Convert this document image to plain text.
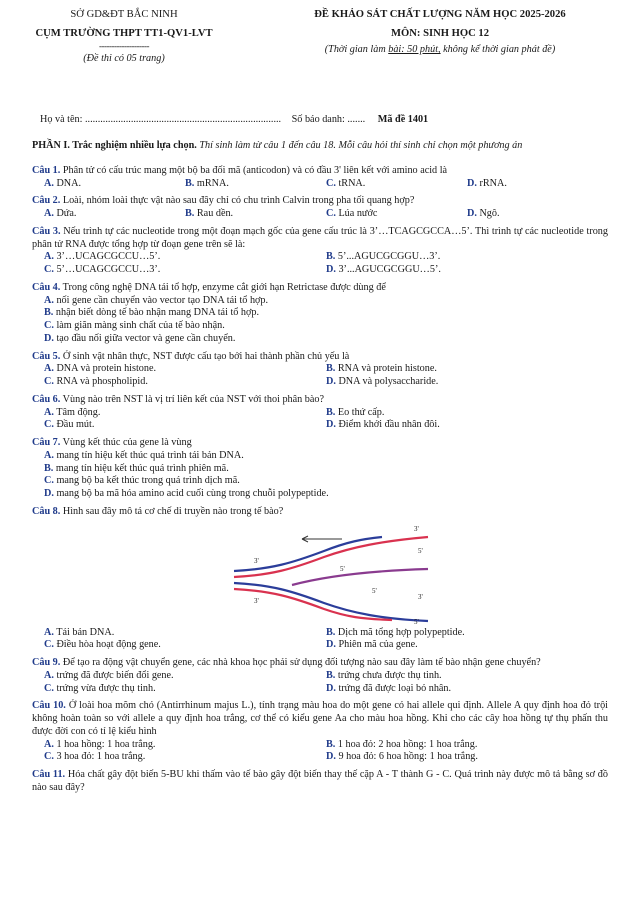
SỞ GD&ĐT BẮC NINH
CỤM TRƯỜNG THPT TT1-QV1-LVT
--------------------
(Đề thi có 05 trang)
ĐỀ KHẢO SÁT CHẤT LƯỢNG NĂM HỌC 2025-2026
MÔN: SINH HỌC 12
(Thời gian làm bài: 50 phút, không kể thời gian phát đề)
Họ và tên: ............................................................................. Số báo danh: ....... Mã đề 1401
PHẦN I. Trắc nghiệm nhiều lựa chọn. Thí sinh làm từ câu 1 đến câu 18. Mỗi câu hỏi thí sinh chỉ chọn một phương án
Câu 1. Phân tử có cấu trúc mang một bộ ba đối mã (anticodon) và có đầu 3' liên kết với amino acid là
A. DNA.	B. mRNA.	C. tRNA.	D. rRNA.
Câu 2. Loài, nhóm loài thực vật nào sau đây chỉ có chu trình Calvin trong pha tối quang hợp?
A. Dứa.	B. Rau dền.	C. Lúa nước	D. Ngô.
Câu 3. Nếu trình tự các nucleotide trong một đoạn mạch gốc của gene cấu trúc là 3’…TCAGCGCCA…5’. Thì trình tự các nucleotide trong phân tử RNA được tổng hợp từ đoạn gene trên sẽ là:
A. 3’…UCAGCGCCU…5’.	B. 5’...AGUCGCGGU…3’.
C. 5’…UCAGCGCCU…3’.	D. 3’...AGUCGCGGU…5’.
Câu 4. Trong công nghệ DNA tái tổ hợp, enzyme cắt giới hạn Retrictase được dùng để
A. nối gene cần chuyển vào vector tạo DNA tái tổ hợp.
B. nhận biết dòng tế bào nhận mang DNA tái tổ hợp.
C. làm giãn màng sinh chất của tế bào nhận.
D. tạo đầu nối giữa vector và gene cần chuyển.
Câu 5. Ở sinh vật nhân thực, NST được cấu tạo bởi hai thành phần chủ yếu là
A. DNA và protein histone.	B. RNA và protein histone.
C. RNA và phospholipid.	D. DNA và polysaccharide.
Câu 6. Vùng nào trên NST là vị trí liên kết của NST với thoi phân bào?
A. Tâm động.	B. Eo thứ cấp.
C. Đầu mút.	D. Điểm khởi đầu nhân đôi.
Câu 7. Vùng kết thúc của gene là vùng
A. mang tín hiệu kết thúc quá trình tái bản DNA.
B. mang tín hiệu kết thúc quá trình phiên mã.
C. mang bộ ba kết thúc trong quá trình dịch mã.
D. mang bộ ba mã hóa amino acid cuối cùng trong chuỗi polypeptide.
Câu 8. Hình sau đây mô tả cơ chế di truyền nào trong tế bào?
3'
5'
3'
5'
3'
5'
3'
5'
A. Tái bản DNA.	B. Dịch mã tổng hợp polypeptide.
C. Điều hòa hoạt động gene.	D. Phiên mã của gene.
Câu 9. Để tạo ra động vật chuyển gene, các nhà khoa học phải sử dụng đối tượng nào sau đây làm tế bào nhận gene chuyển?
A. trứng đã được biến đổi gene.	B. trứng chưa được thụ tinh.
C. trứng vừa được thụ tinh.	D. trứng đã được loại bỏ nhân.
Câu 10. Ở loài hoa mõm chó (Antirrhinum majus L.), tính trạng màu hoa do một gene có hai allele qui định. Allele A quy định hoa đỏ trội không hoàn toàn so với allele a quy định hoa trắng, cơ thể có kiểu gene Aa cho màu hoa hồng. Khi cho các cây hoa hồng tự thụ phấn thu được đời con có tỉ lệ kiểu hình
A. 1 hoa hồng: 1 hoa trắng.	B. 1 hoa đỏ: 2 hoa hồng: 1 hoa trắng.
C. 3 hoa đỏ: 1 hoa trắng.	D. 9 hoa đỏ: 6 hoa hồng: 1 hoa trắng.
Câu 11. Hóa chất gây đột biến 5-BU khi thấm vào tế bào gây đột biến thay thế cặp A - T thành G - C. Quá trình này được mô tả bằng sơ đồ nào sau đây?
